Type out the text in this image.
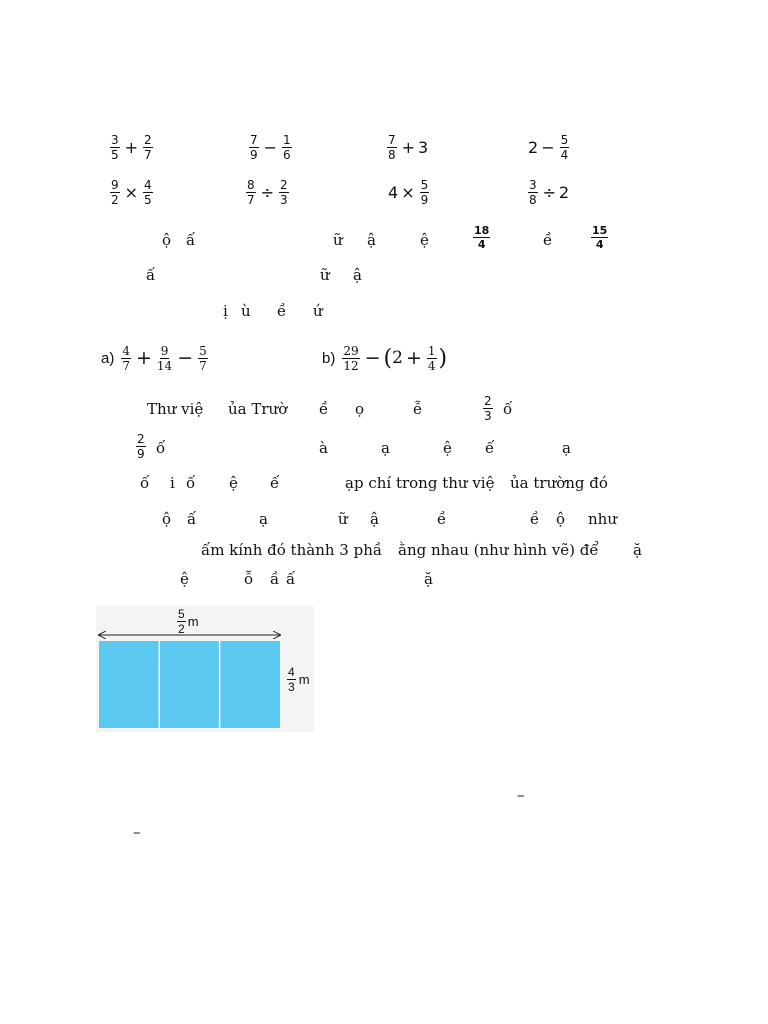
$\frac{3}{5} + \frac{2}{7}$	$\frac{7}{9} - \frac{1}{6}$	$\frac{7}{8} + 3$	$2 - \frac{5}{4}$
$\frac{9}{2} \times \frac{4}{5}$	$\frac{8}{7} \div \frac{2}{3}$	$4 \times \frac{5}{9}$	$\frac{3}{8} \div 2$
ộ ấ	ữ ậ	ệ	$\frac{18}{4}$	ề	$\frac{15}{4}$
ấ	ữ ậ
ị ù ề ứ
$a) \frac{4}{7} + \frac{9}{14} - \frac{5}{7}$	$b) \frac{29}{12}$ − ( $2 + \frac{1}{4}$ )
Thư việ ủa Trườ ề ọ	ễ	$\frac{2}{3}$ ố
$\frac{2}{9}$ ố	à	ạ	ệ ế	ạ
ố i ố ệ ế	ạp chí trong thư việ ủa trường đó
ộ ấ	ạ	ữ ậ	ề	ề ộ như
ấm kính đó thành 3 phầ ằng nhau (như hình vẽ) để ặ
ệ	ỗ ầ ấ	ặ
$\frac{5}{2}$ m
$\frac{4}{3}$ m
–
–
